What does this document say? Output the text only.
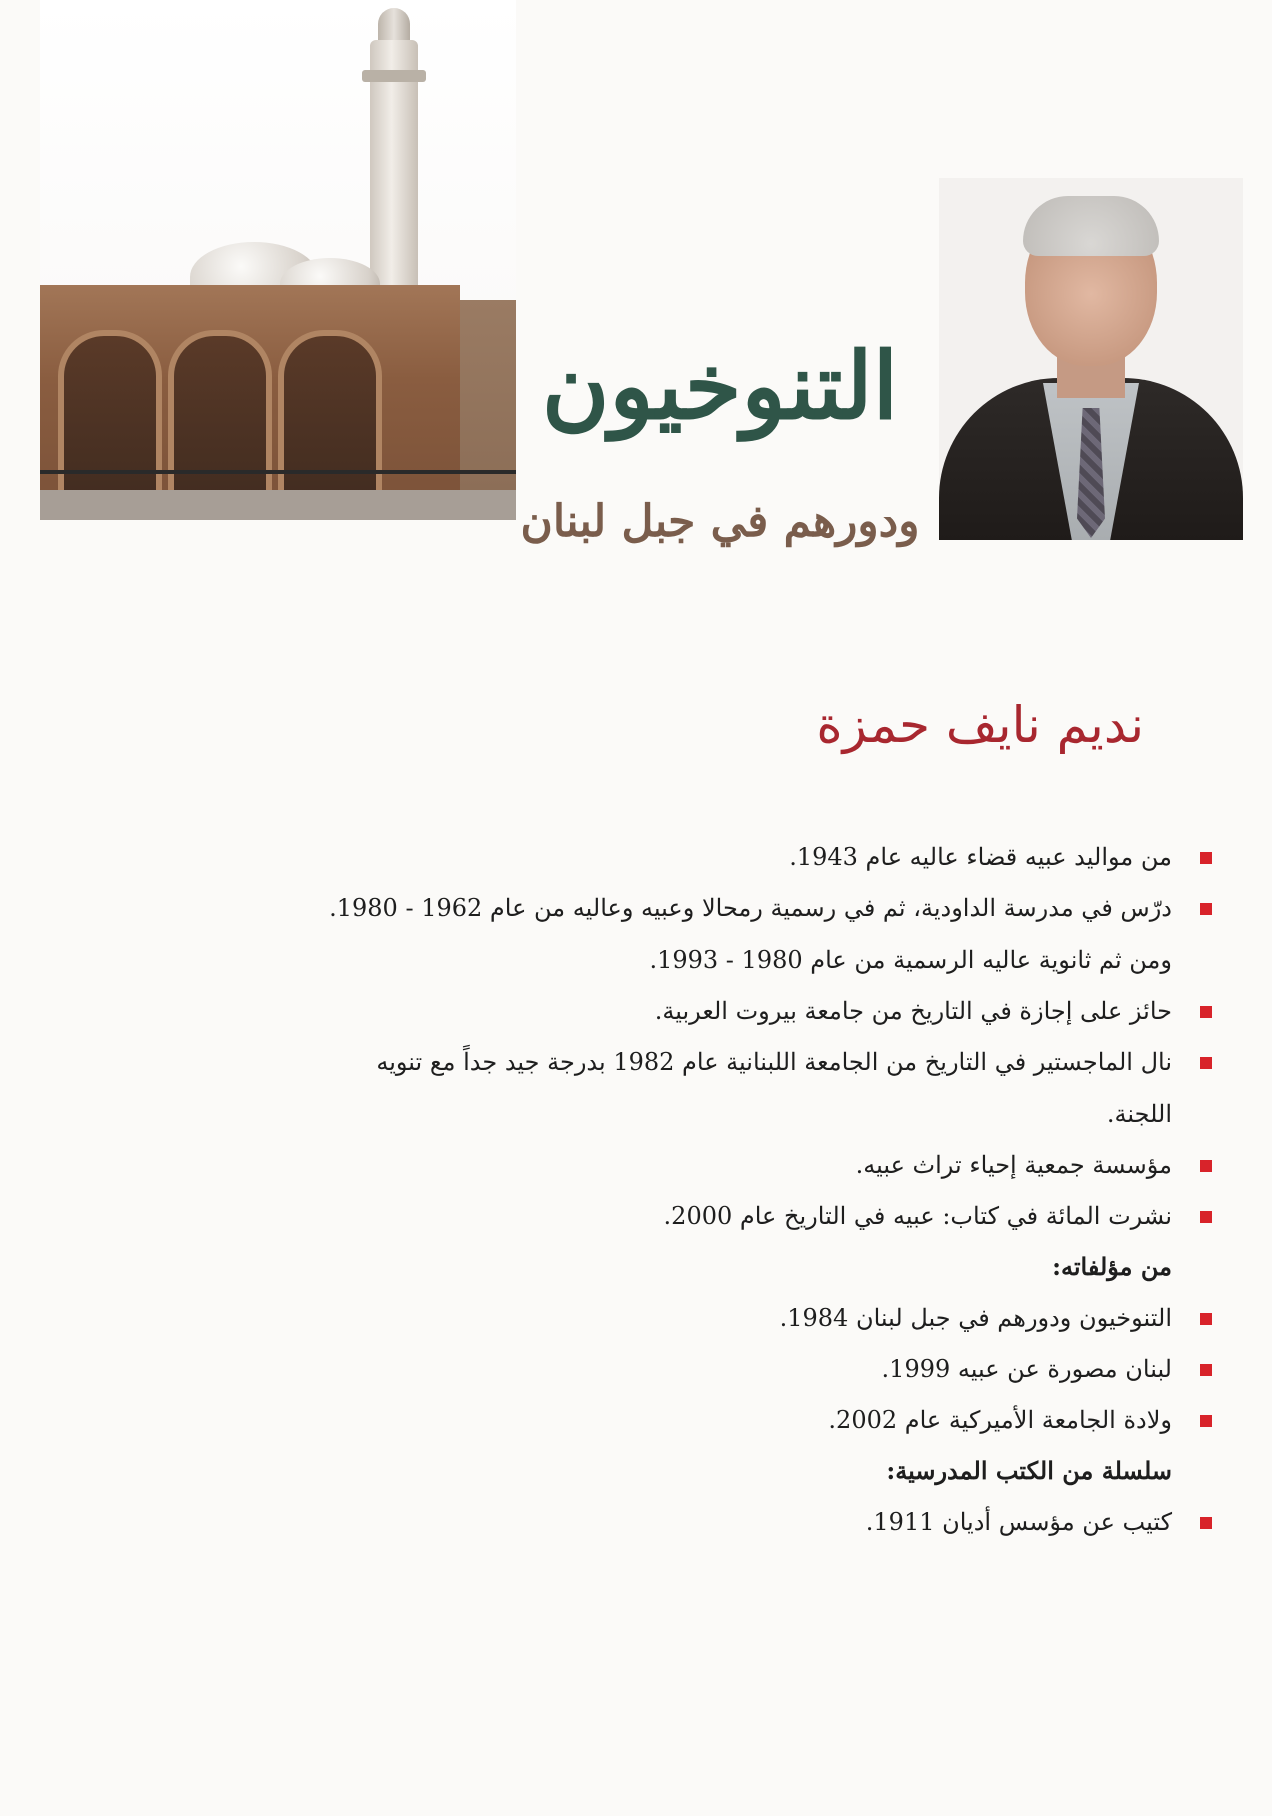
التنوخيون
ودورهم في جبل لبنان
نديم نايف حمزة
من مواليد عبيه قضاء عاليه عام 1943.
درّس في مدرسة الداودية، ثم في رسمية رمحالا وعبيه وعاليه من عام 1962 - 1980.
ومن ثم ثانوية عاليه الرسمية من عام 1980 - 1993.
حائز على إجازة في التاريخ من جامعة بيروت العربية.
نال الماجستير في التاريخ من الجامعة اللبنانية عام 1982 بدرجة جيد جداً مع تنويه
اللجنة.
مؤسسة جمعية إحياء تراث عبيه.
نشرت المائة في كتاب: عبيه في التاريخ عام 2000.
من مؤلفاته:
التنوخيون ودورهم في جبل لبنان 1984.
لبنان مصورة عن عبيه 1999.
ولادة الجامعة الأميركية عام 2002.
سلسلة من الكتب المدرسية:
كتيب عن مؤسس أديان 1911.
